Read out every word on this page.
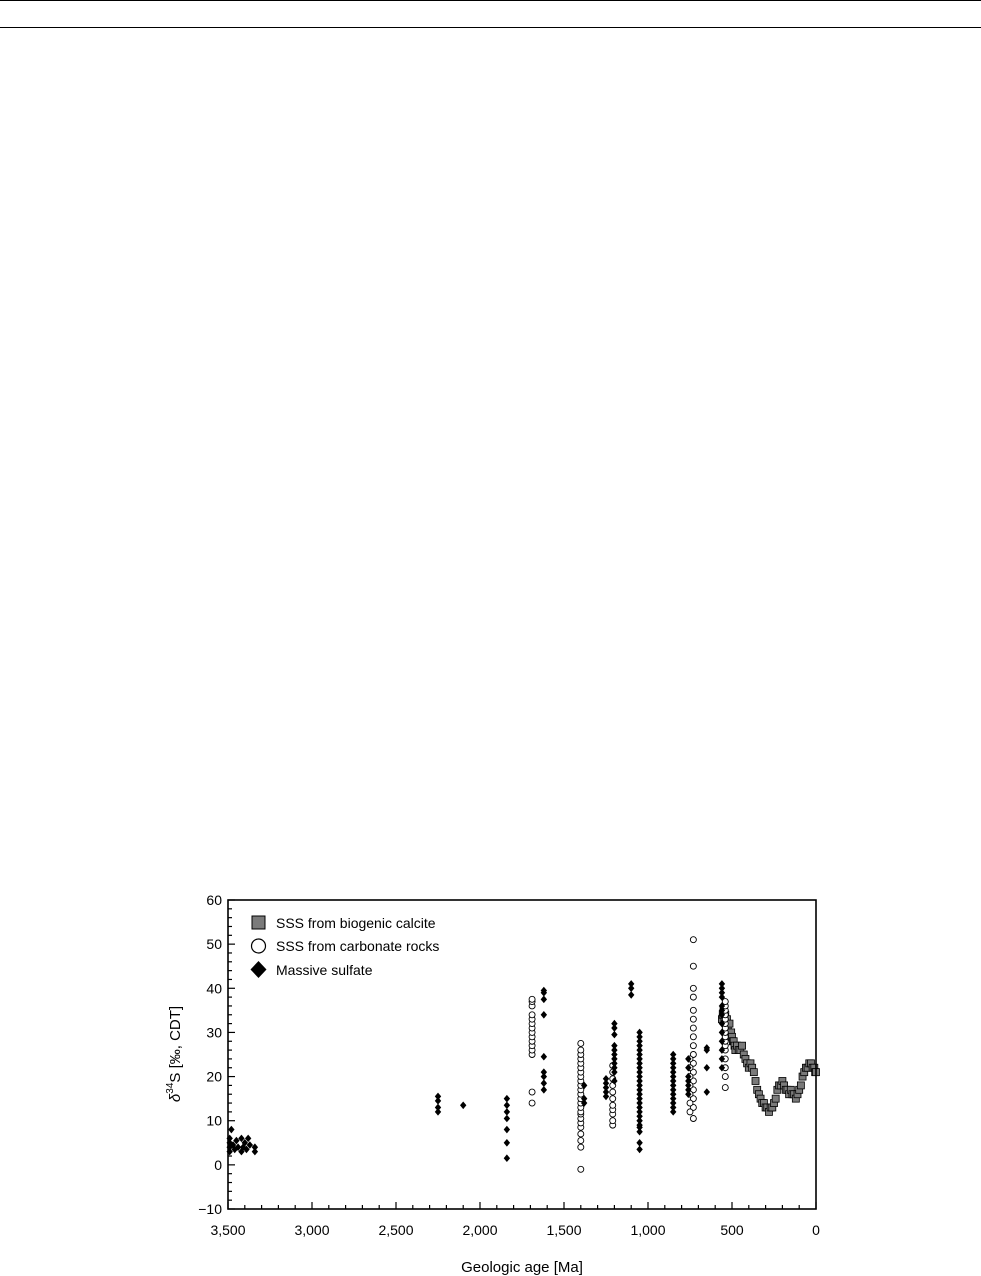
60
50
40
30
20
10
0
−10
3,500	3,000	2,500	2,000	1,500	1,000	500	0
Geologic age [Ma]
$\delta^{34}S$ [‰, CDT]
SSS from biogenic calcite
SSS from carbonate rocks
Massive sulfate
